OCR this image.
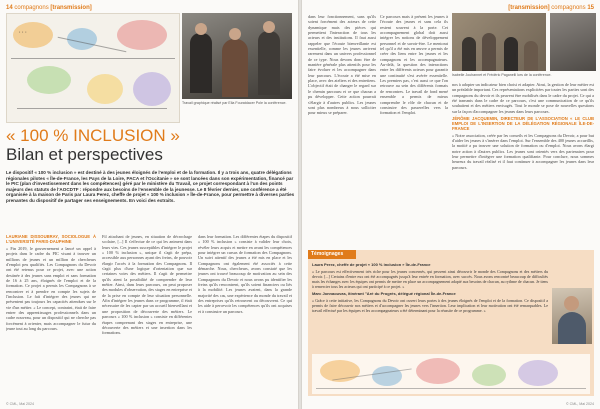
14 compagnons [transmission]
· · ·
Travail graphique réalisé par Elia Fouratdacer Pole la conférence.
« 100 % INCLUSION »
Bilan et perspectives
Le dispositif « 100 % inclusion » est destiné à des jeunes éloignés de l'emploi et de la formation. Il y a trois ans, quatre délégations régionales pilotes « Île-de-France, les Pays de la Loire, PACA et l'Occitanie » se sont lancées dans son expérimentation, financé par le PIC (plan d'investissement dans les compétences) géré par le ministère du Travail, ce projet correspondant à l'un des points majeurs des statuts de l'AOCDTF : répondre aux besoins de l'ensemble de la jeunesse. Le 8 février dernier, une conférence a été organisée à la maison de Paris par Laura Perez, cheffe de projet « 100 % inclusion » Île-de-France, pour permettre à diverses parties prenantes du dispositif de partager ses enseignements. En voici des extraits.
LAURIANE DISSOUBRAY, SOCIOLOGUE À L'UNIVERSITÉ PARIS-DAUPHINE

« Fin 2019, le gouvernement a lancé un appel à projets dans le cadre du PIC visant à trouver un millions de jeunes et un million de chercheurs d'emploi peu qualifiés. Les Compagnons du Devoir ont été retenus pour ce projet, avec une action destinée à des jeunes sans emploi et sans formation de 16 à 25 ans, éloignés de l'emploi et de la formation. Ce projet a permis les Compagnons à se rencontrer et à prendre en compte les sujets de l'inclusion. Le fait d'intégrer des jeunes qui ne présentent pas toujours les capacités attendues sur le vie d'un métier. « Le concept, contraint, était de faire entrer des apprentissages professionnels dans un cadre nouveau, pour un dispositif qui ne cherche pas forcément à orienter, mais accompagner le futur du jeune tout au long du parcours.

Fil attachant de jeunes, en situation de décrochage scolaire, [...] Il s'effectue de ce qui les animent dans leurs vies. Ces jeunes susceptibles d'intégrer le projet « 100 % inclusion », unique il s'agit de prépa, accessible aux personnes ayant des freins, de pouvoir élargir l'accès à la formation des Compagnons. Il s'agit plus d'une logique d'orientation que sur certaines voies des métiers. Il s'agit de permettre qu'ils aient la possibilité de comprendre de leur métier. Ainsi, dans leurs parcours, on peut proposer des modules d'observation, des stages en entreprise et de la prise en compte de leur situation personnelle. Afin d'intégrer les jeunes dans ce programme, il était nécessaire de les capter par un accueil bienveillant et une proposition de découverte des métiers. Le parcours « 100 % inclusion » consiste en différentes étapes comprenant des stages en entreprise, une découverte des métiers et une insertion dans les formations.

dans leur formation. Les différentes étapes du dispositif « 100 % inclusion » consiste à valider leur choix, révèler leurs acquis et mettre en avant les compétences pour intégrer un cursus de formation des Compagnons. Un suivi attentif des jeunes a été mis en place et les Compagnons ont également été associés à cette démarche. Nous, chercheurs, avons constaté que les jeunes ont trouvé beaucoup de motivation au sein des Compagnons du Devoir et nous avons pu identifier les freins qu'ils rencontrent, qu'ils soient financiers ou liés à la mobilité. Les jeunes avaient, dans la grande majorité des cas, une expérience du monde du travail et des entreprises qu'ils retrouvent ou découvrent. Ce qui les aide à percevoir les compétences qu'ils ont acquises et à construire un parcours.

© CML, Mai 2024
[transmission] compagnons 15

dans leur fonctionnement, sans qu'ils soient forcément des acteurs de cette dynamique mais des pièces qui permettent l'interaction de tous les acteurs et des institutions. Il faut aussi rappeler que l'écoute bienveillante est essentielle, comme les jeunes arrivent rarement dans un univers professionnel de ce type. Nous devons donc être de manière générale plus attentifs pour les faire évoluer et les accompagner dans leur parcours. L'écoute a été mise en place, avec des ateliers et des entretiens. L'objectif était de changer le regard sur le chemin parcouru et ce que chacun a pu développer. Cette action pourrait s'élargir à d'autres publics. Les jeunes sont plus nombreux à nous solliciter pour mieux se préparer.

Ce parcours mais à présent les jeunes à l'écoute des jeunes et sans cela ils restent souvent à la porte. Cet accompagnement global doit aussi intégrer les notions de développement personnel et de savoir-être. Le mentorat tel qu'il a été mis en œuvre a permis de créer des liens entre les jeunes et les compagnons et les accompagnateurs. Au-delà, la question des interactions entre les différents acteurs pour garantir une continuité s'est avérée essentielle. Les premiers pas, c'est aussi ce que l'on retrouve au sein des différents formats de rencontres. Le travail de fond mené ensemble a permis de mieux comprendre le rôle de chacun et de construire des passerelles vers la formation et l'emploi.

Isabelle Jouhannet et Frédéric Paganelli lors de la conférence.

nos à adopter un indicateur bien choisi et adapter. Ainsi, la gestion de leur métier est un préalable important. Ces représentations explicitées par toutes les parties sont des compagnons du devoir et ils peuvent être mobilisés dans le cadre du projet. Ce qui a été transmis dans le cadre de ce parcours, c'est une communication de ce qu'ils souhaitent et des métiers envisagés. Tout le monde se pose de nouvelles questions sur la façon d'accompagner les jeunes dans leurs parcours.

JÉRÔME JACQUEMIN, DIRECTEUR DE L'ASSOCIATION « LE CLUB EMPLOI DE L'INSERTION DE LA DÉLÉGATION RÉGIONALE ÎLE-DE-FRANCE

« Notre association, créée par les conseils et les Compagnons du Devoir, a pour but d'aider les jeunes à s'insérer dans l'emploi. Sur l'ensemble des 400 jeunes accueillis, la moitié a pu trouver une solution de formation ou d'emploi. Nous avons élargi notre action à d'autres publics. Les jeunes sont orientés vers des partenaires pour leur permettre d'intégrer une formation qualifiante. Pour conclure, nous sommes heureux du travail réalisé et il faut continuer à accompagner les jeunes dans leur parcours.

Témoignages

Laura Perez, cheffe de projet « 100 % inclusion » Île-de-France

« Le parcours est effectivement très riche pour les jeunes concernés, qui peuvent ainsi découvrir le monde des Compagnons et des métiers du devoir. [...] Certains d'entre eux ont été accompagnés jusqu'à leur entrée en formation, avec succès. Nous avons rencontré beaucoup de difficultés mais les échanges avec les équipes ont permis de mettre en place un accompagnement adapté aux besoins de chacun, au rythme de chacun. Je tiens à remercier tous les acteurs qui ont participé à ce projet. »

Marc Jonnaouvas, itinérant "Aré du Progrès, délégué régional Île-de-France

« Grâce à cette initiative, les Compagnons du Devoir ont ouvert leurs portes à des jeunes éloignés de l'emploi et de la formation. Ce dispositif a permis de faire découvrir nos métiers et d'accompagner les jeunes vers l'insertion. Leur implication et leur motivation ont été remarquables. Le travail effectué par les équipes et les accompagnateurs a été déterminant pour la réussite de ce programme. »

© CML, Mai 2024
